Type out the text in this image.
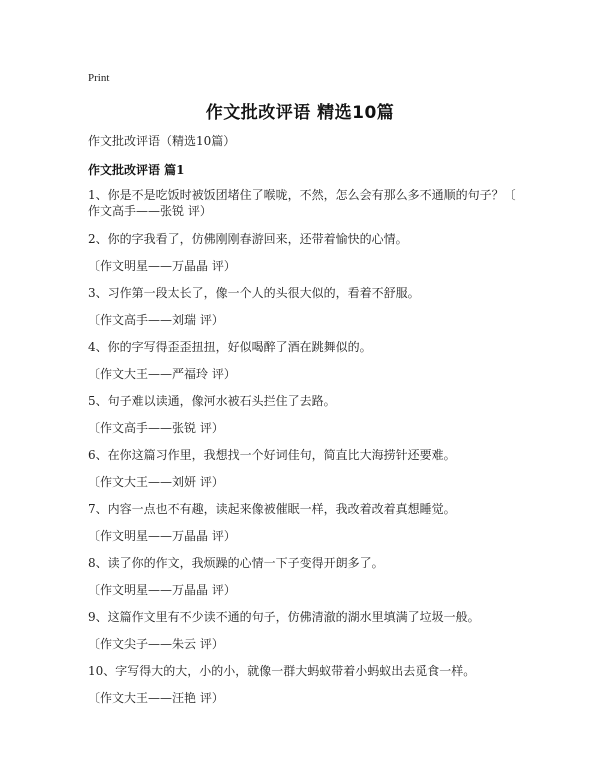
Print
作文批改评语 精选10篇
作文批改评语（精选10篇）
作文批改评语 篇1
1、你是不是吃饭时被饭团堵住了喉咙，不然，怎么会有那么多不通顺的句子？〔
作文高手——张锐 评）
2、你的字我看了，仿佛刚刚春游回来，还带着愉快的心情。
〔作文明星——万晶晶 评）
3、习作第一段太长了，像一个人的头很大似的，看着不舒服。
〔作文高手——刘瑞 评）
4、你的字写得歪歪扭扭，好似喝醉了酒在跳舞似的。
〔作文大王——严福玲 评）
5、句子难以读通，像河水被石头拦住了去路。
〔作文高手——张锐 评）
6、在你这篇习作里，我想找一个好词佳句，简直比大海捞针还要难。
〔作文大王——刘妍 评）
7、内容一点也不有趣，读起来像被催眠一样，我改着改着真想睡觉。
〔作文明星——万晶晶 评）
8、读了你的作文，我烦躁的心情一下子变得开朗多了。
〔作文明星——万晶晶 评）
9、这篇作文里有不少读不通的句子，仿佛清澈的湖水里填满了垃圾一般。
〔作文尖子——朱云 评）
10、字写得大的大，小的小，就像一群大蚂蚁带着小蚂蚁出去觅食一样。
〔作文大王——汪艳 评）
